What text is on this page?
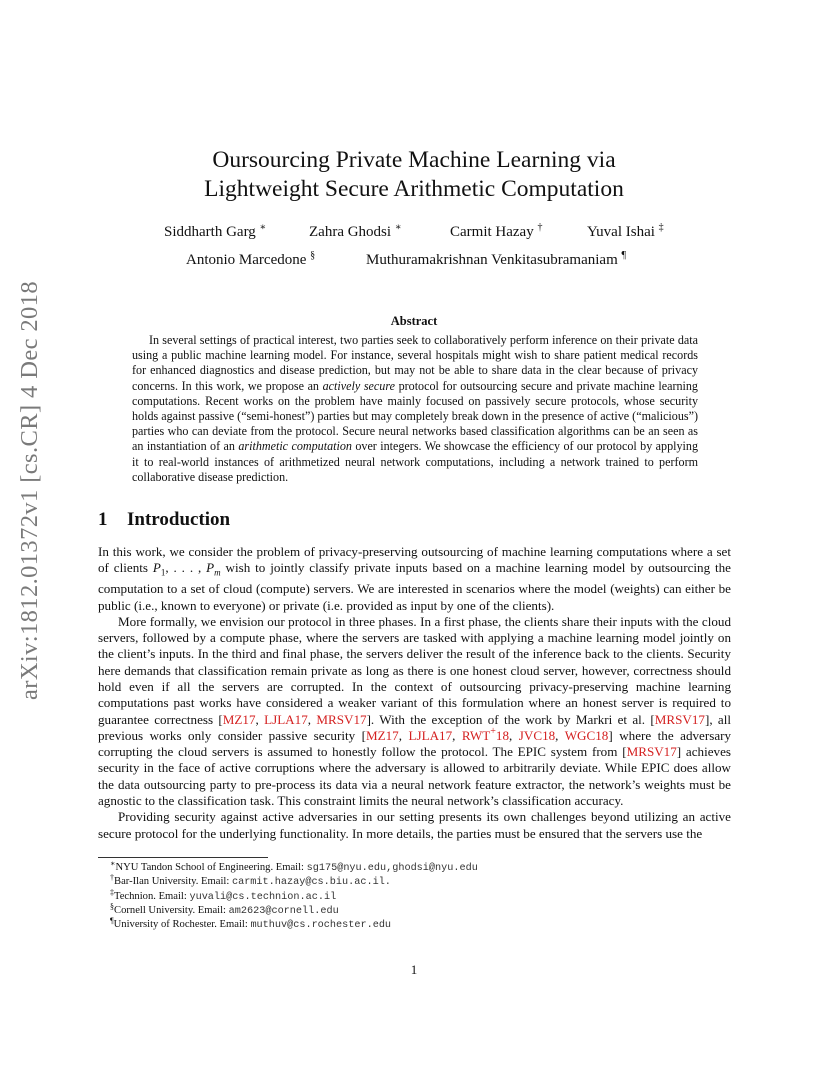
arXiv:1812.01372v1 [cs.CR] 4 Dec 2018
Oursourcing Private Machine Learning via
Lightweight Secure Arithmetic Computation
Siddharth Garg ∗	Zahra Ghodsi ∗	Carmit Hazay †	Yuval Ishai ‡
Antonio Marcedone §	Muthuramakrishnan Venkitasubramaniam ¶
Abstract

In several settings of practical interest, two parties seek to collaboratively perform inference on their private data using a public machine learning model. For instance, several hospitals might wish to share patient medical records for enhanced diagnostics and disease prediction, but may not be able to share data in the clear because of privacy concerns. In this work, we propose an actively secure protocol for outsourcing secure and private machine learning computations. Recent works on the problem have mainly focused on passively secure protocols, whose security holds against passive (“semi-honest”) parties but may completely break down in the presence of active (“malicious”) parties who can deviate from the protocol. Secure neural networks based classification algorithms can be an seen as an instantiation of an arithmetic computation over integers. We showcase the efficiency of our protocol by applying it to real-world instances of arithmetized neural network computations, including a network trained to perform collaborative disease prediction.

1 Introduction

In this work, we consider the problem of privacy-preserving outsourcing of machine learning computations where a set of clients $P_1$, . . . , $P_m$ wish to jointly classify private inputs based on a machine learning model by outsourcing the computation to a set of cloud (compute) servers. We are interested in scenarios where the model (weights) can either be public (i.e., known to everyone) or private (i.e. provided as input by one of the clients).

More formally, we envision our protocol in three phases. In a first phase, the clients share their inputs with the cloud servers, followed by a compute phase, where the servers are tasked with applying a machine learning model jointly on the client’s inputs. In the third and final phase, the servers deliver the result of the inference back to the clients. Security here demands that classification remain private as long as there is one honest cloud server, however, correctness should hold even if all the servers are corrupted. In the context of outsourcing privacy-preserving machine learning computations past works have considered a weaker variant of this formulation where an honest server is required to guarantee correctness [MZ17, LJLA17, MRSV17]. With the exception of the work by Markri et al. [MRSV17], all previous works only consider passive security [MZ17, LJLA17, RWT+18, JVC18, WGC18] where the adversary corrupting the cloud servers is assumed to honestly follow the protocol. The EPIC system from [MRSV17] achieves security in the face of active corruptions where the adversary is allowed to arbitrarily deviate. While EPIC does allow the data outsourcing party to pre-process its data via a neural network feature extractor, the network’s weights must be agnostic to the classification task. This constraint limits the neural network’s classification accuracy.

Providing security against active adversaries in our setting presents its own challenges beyond utilizing an active secure protocol for the underlying functionality. In more details, the parties must be ensured that the servers use the

∗NYU Tandon School of Engineering. Email: sg175@nyu.edu,ghodsi@nyu.edu
†Bar-Ilan University. Email: carmit.hazay@cs.biu.ac.il.
‡Technion. Email: yuvali@cs.technion.ac.il
§Cornell University. Email: am2623@cornell.edu
¶University of Rochester. Email: muthuv@cs.rochester.edu
1
